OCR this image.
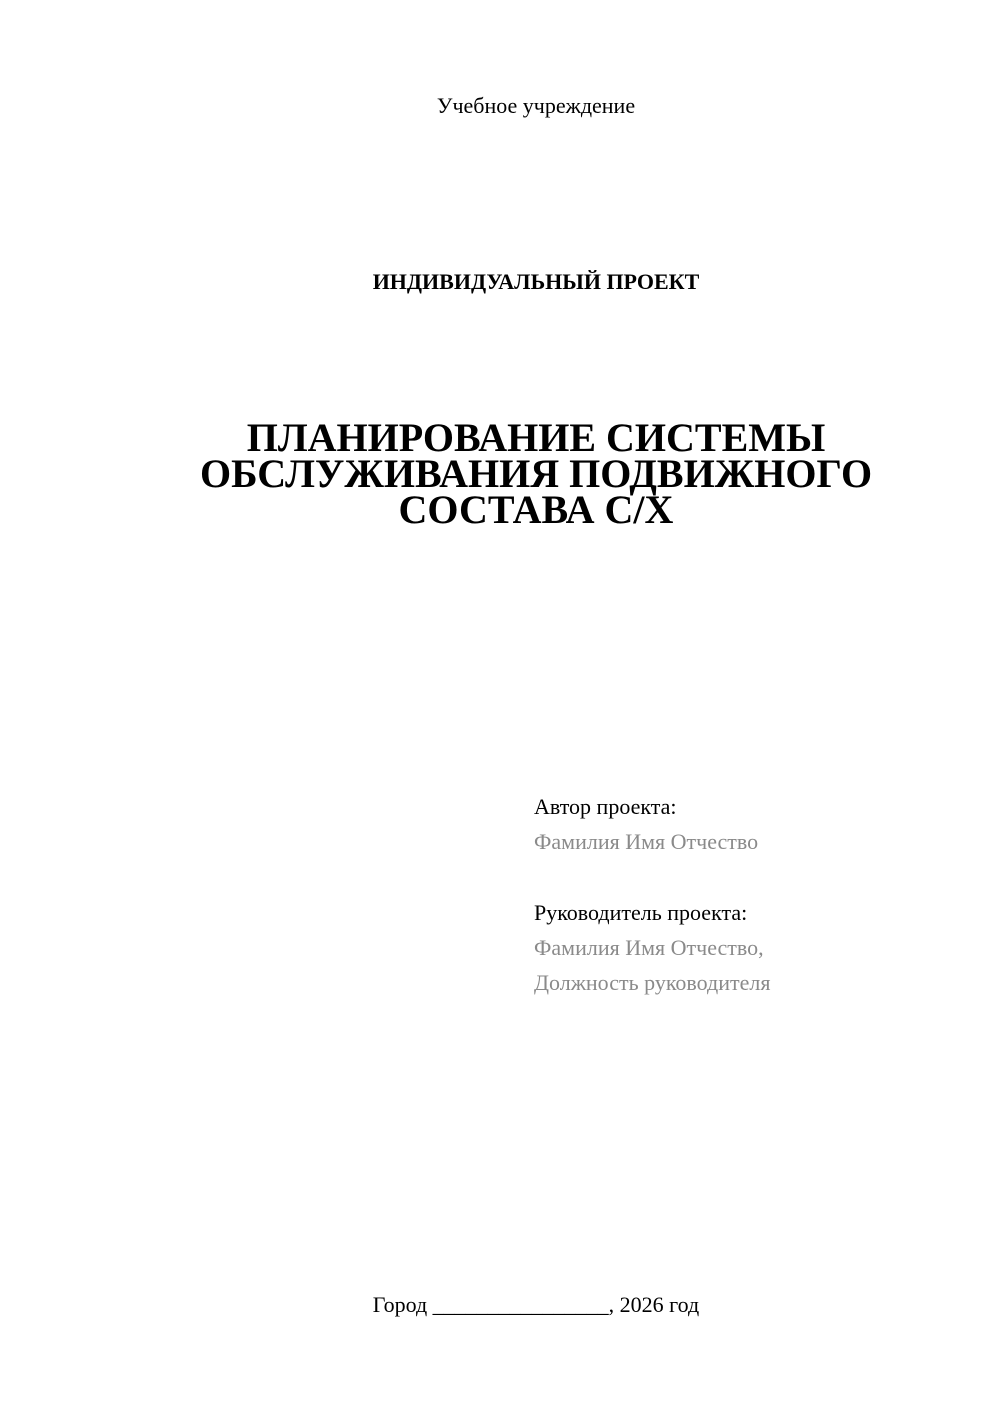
Учебное учреждение
ИНДИВИДУАЛЬНЫЙ ПРОЕКТ
ПЛАНИРОВАНИЕ СИСТЕМЫ
ОБСЛУЖИВАНИЯ ПОДВИЖНОГО
СОСТАВА С/Х
Автор проекта:
Фамилия Имя Отчество
Руководитель проекта:
Фамилия Имя Отчество,
Должность руководителя
Город ________________, 2026 год
